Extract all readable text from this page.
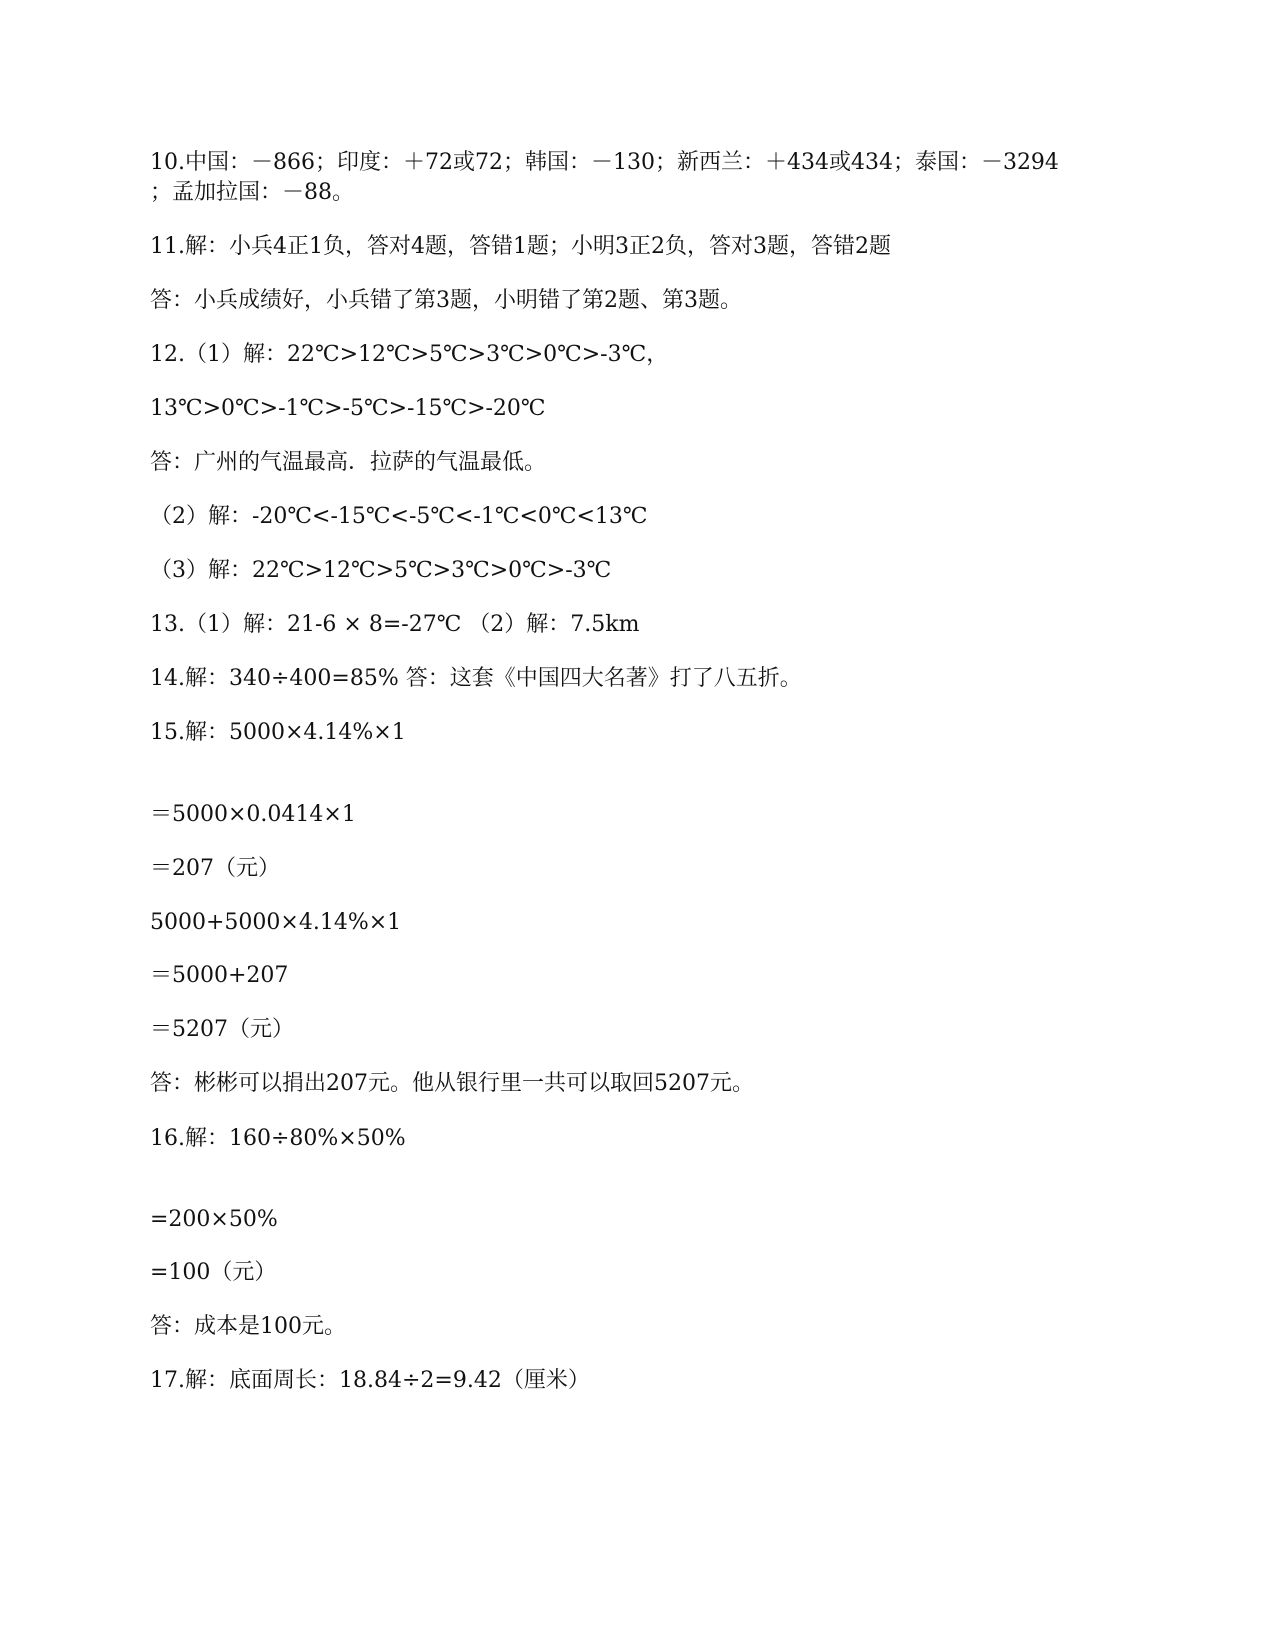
10.中国：－866；印度：＋72或72；韩国：－130；新西兰：＋434或434；泰国：－3294
；孟加拉国：－88。
11.解：小兵4正1负，答对4题，答错1题；小明3正2负，答对3题，答错2题
答：小兵成绩好，小兵错了第3题，小明错了第2题、第3题。
12.（1）解：22℃>12℃>5℃>3℃>0℃>-3℃，
13℃>0℃>-1℃>-5℃>-15℃>-20℃
答：广州的气温最高．拉萨的气温最低。
（2）解：-20℃<-15℃<-5℃<-1℃<0℃<13℃
（3）解：22℃>12℃>5℃>3℃>0℃>-3℃
13.（1）解：21-6 × 8=-27℃ （2）解：7.5km
14.解：340÷400=85% 答：这套《中国四大名著》打了八五折。
15.解：5000×4.14%×1
＝5000×0.0414×1
＝207（元）
5000+5000×4.14%×1
＝5000+207
＝5207（元）
答：彬彬可以捐出207元。他从银行里一共可以取回5207元。
16.解：160÷80%×50%
=200×50%
=100（元）
答：成本是100元。
17.解：底面周长：18.84÷2=9.42（厘米）
